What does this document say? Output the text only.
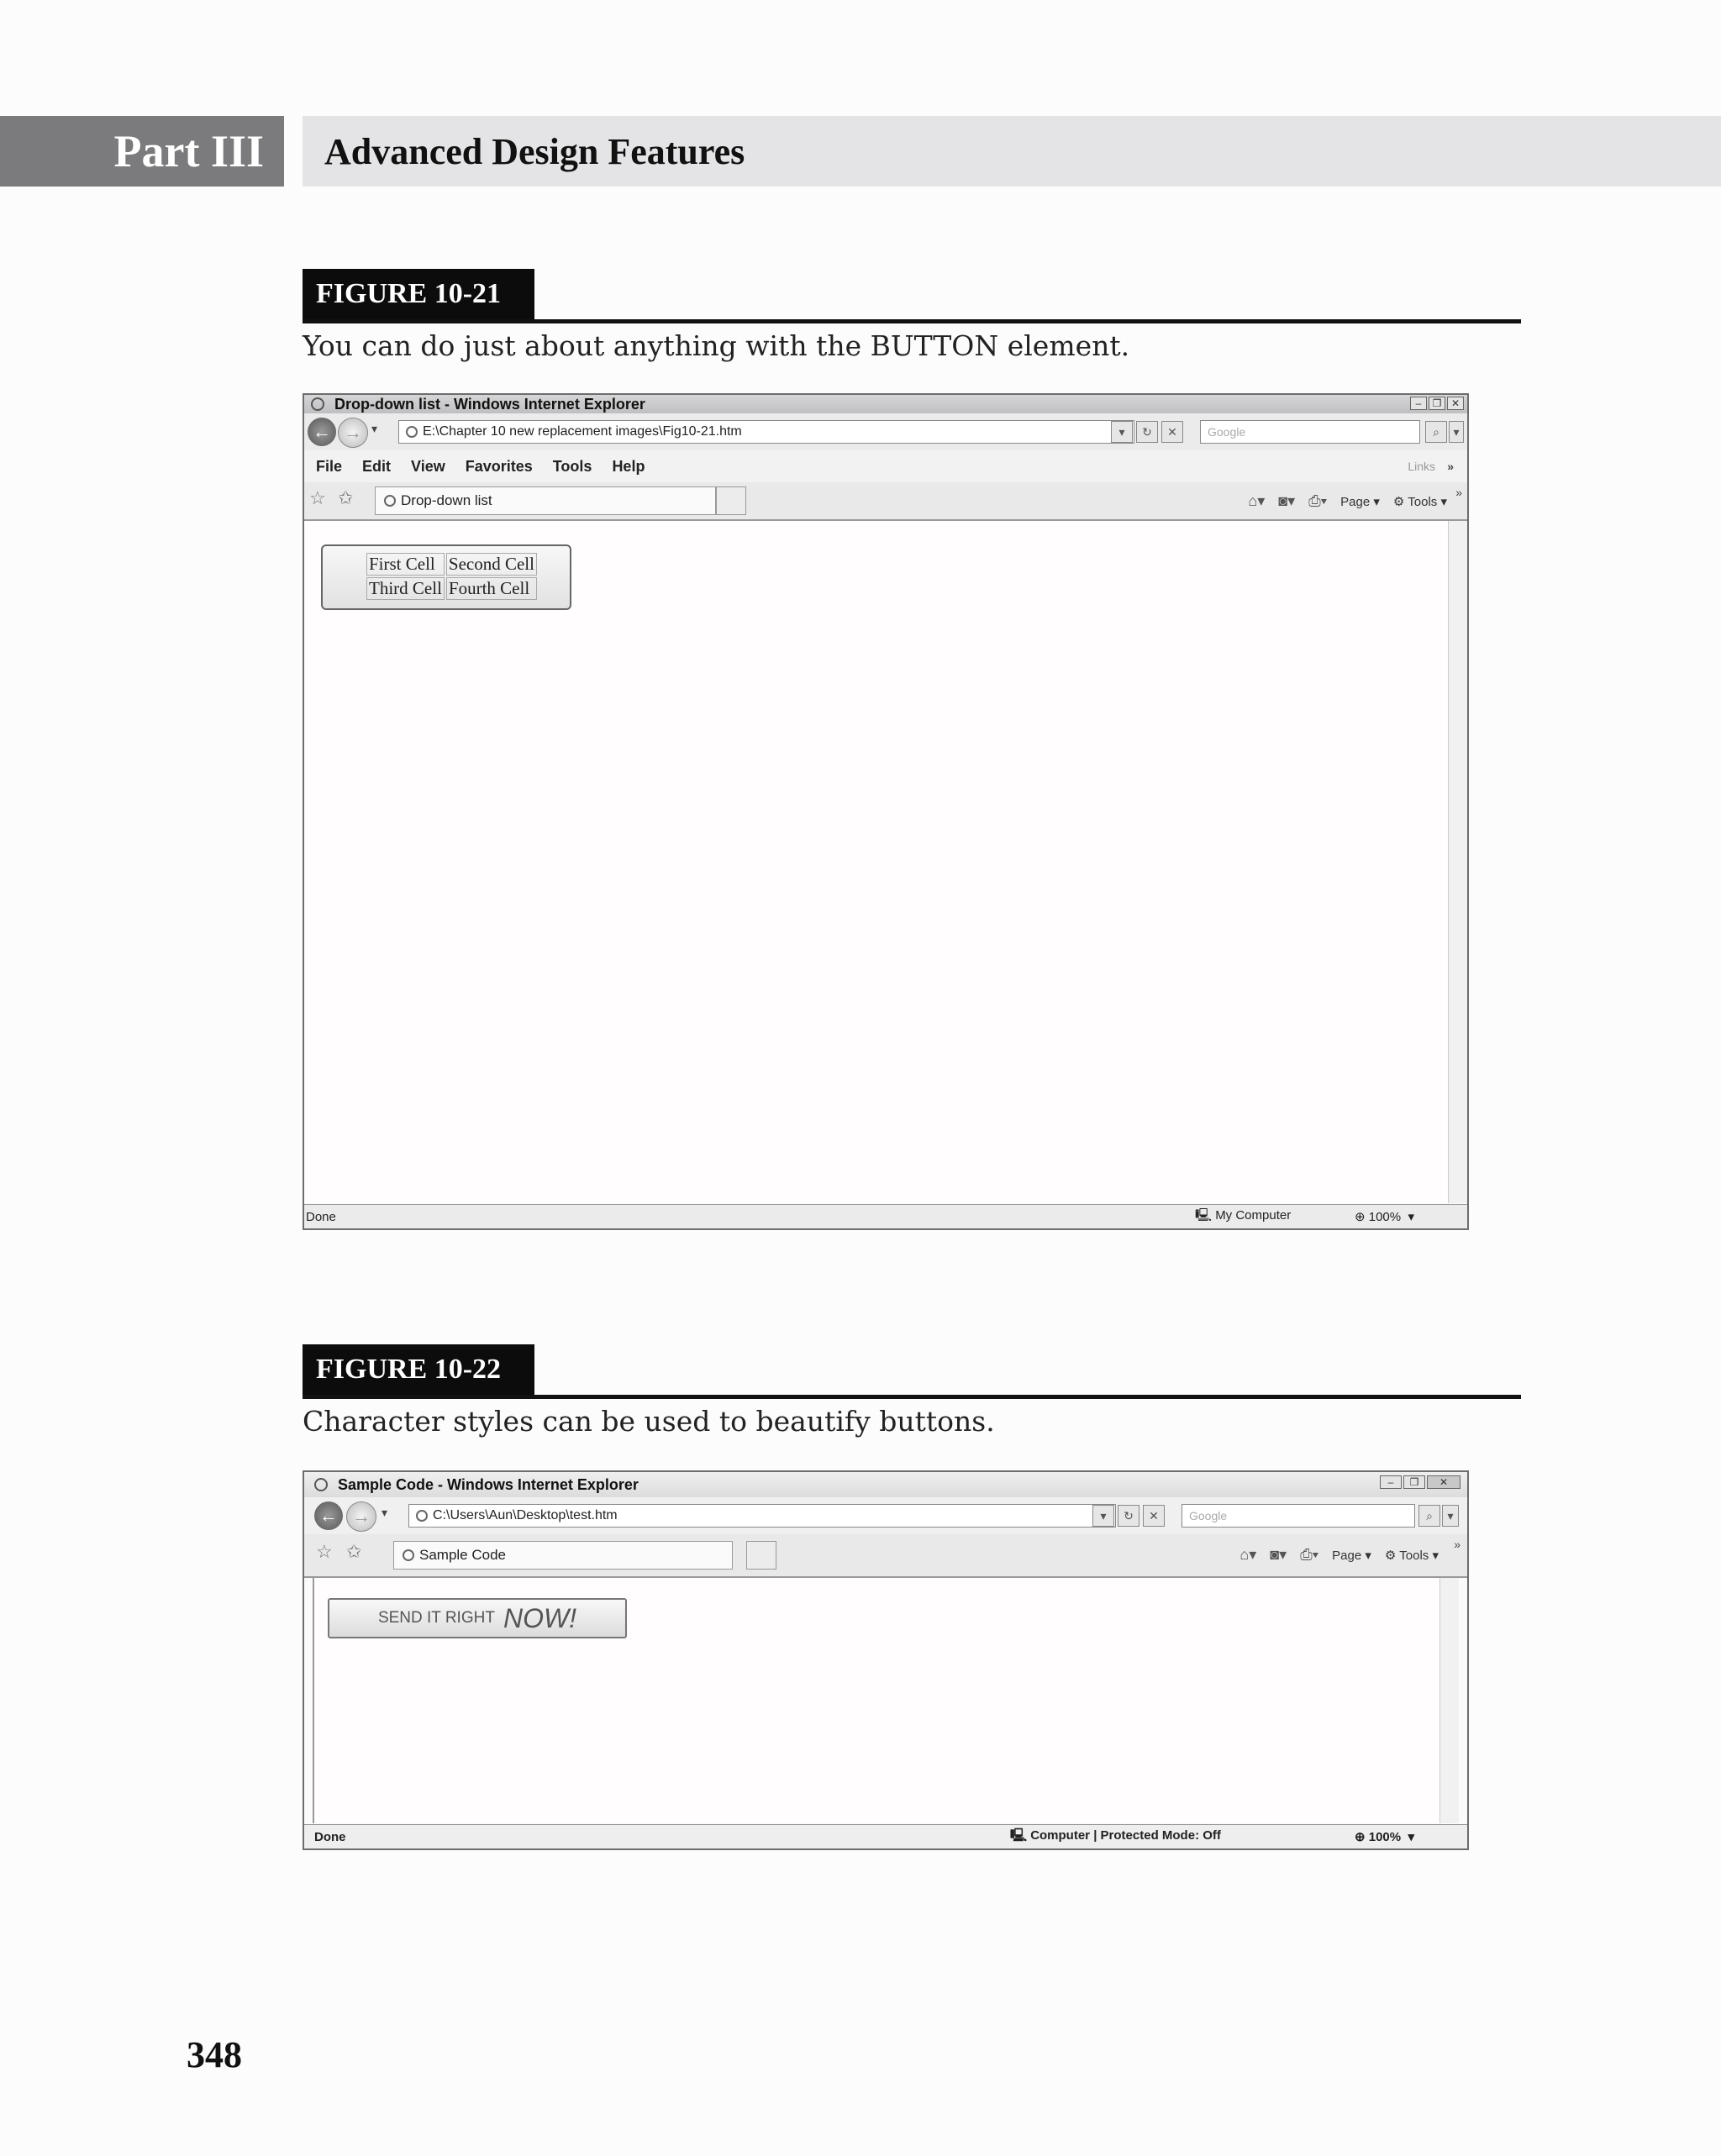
Part III	Advanced Design Features
FIGURE 10-21
You can do just about anything with the BUTTON element.
Drop-down list - Windows Internet Explorer	–	❐ ✕
← → ▾	E:\Chapter 10 new replacement images\Fig10-21.htm	▾	↻	✕	Google	⌕	▾
File Edit View Favorites Tools Help	Links »
☆ ✩	Drop-down list	⌂▾ ◙▾ ⎙▾ Page ▾ ⚙ Tools ▾
»
First Cell	Second Cell
Third Cell	Fourth Cell
Done	🖳 My Computer	⊕ 100%  ▾
FIGURE 10-22
Character styles can be used to beautify buttons.
Sample Code - Windows Internet Explorer	–	❐	✕
← → ▾	C:\Users\Aun\Desktop\test.htm	▾	↻	✕	Google	⌕	▾
☆ ✩	Sample Code	⌂▾ ◙▾ ⎙▾ Page ▾ ⚙ Tools ▾
»
SEND IT RIGHT NOW!
Done	🖳 Computer | Protected Mode: Off	⊕ 100%  ▾
348
